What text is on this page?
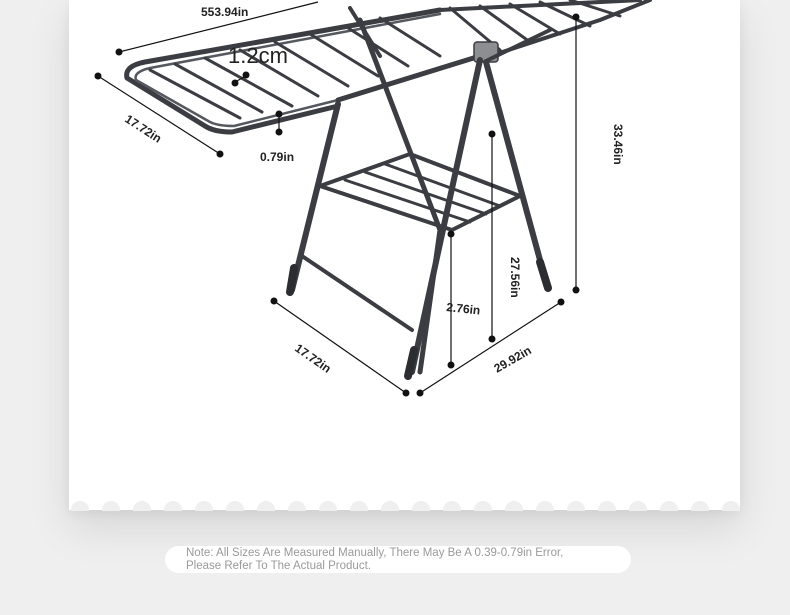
553.94in
1.2cm
17.72in
0.79in	33.46in
27.56in
2.76in
17.72in	29.92in
Note: All Sizes Are Measured Manually, There May Be A 0.39-0.79in Error,
Please Refer To The Actual Product.
